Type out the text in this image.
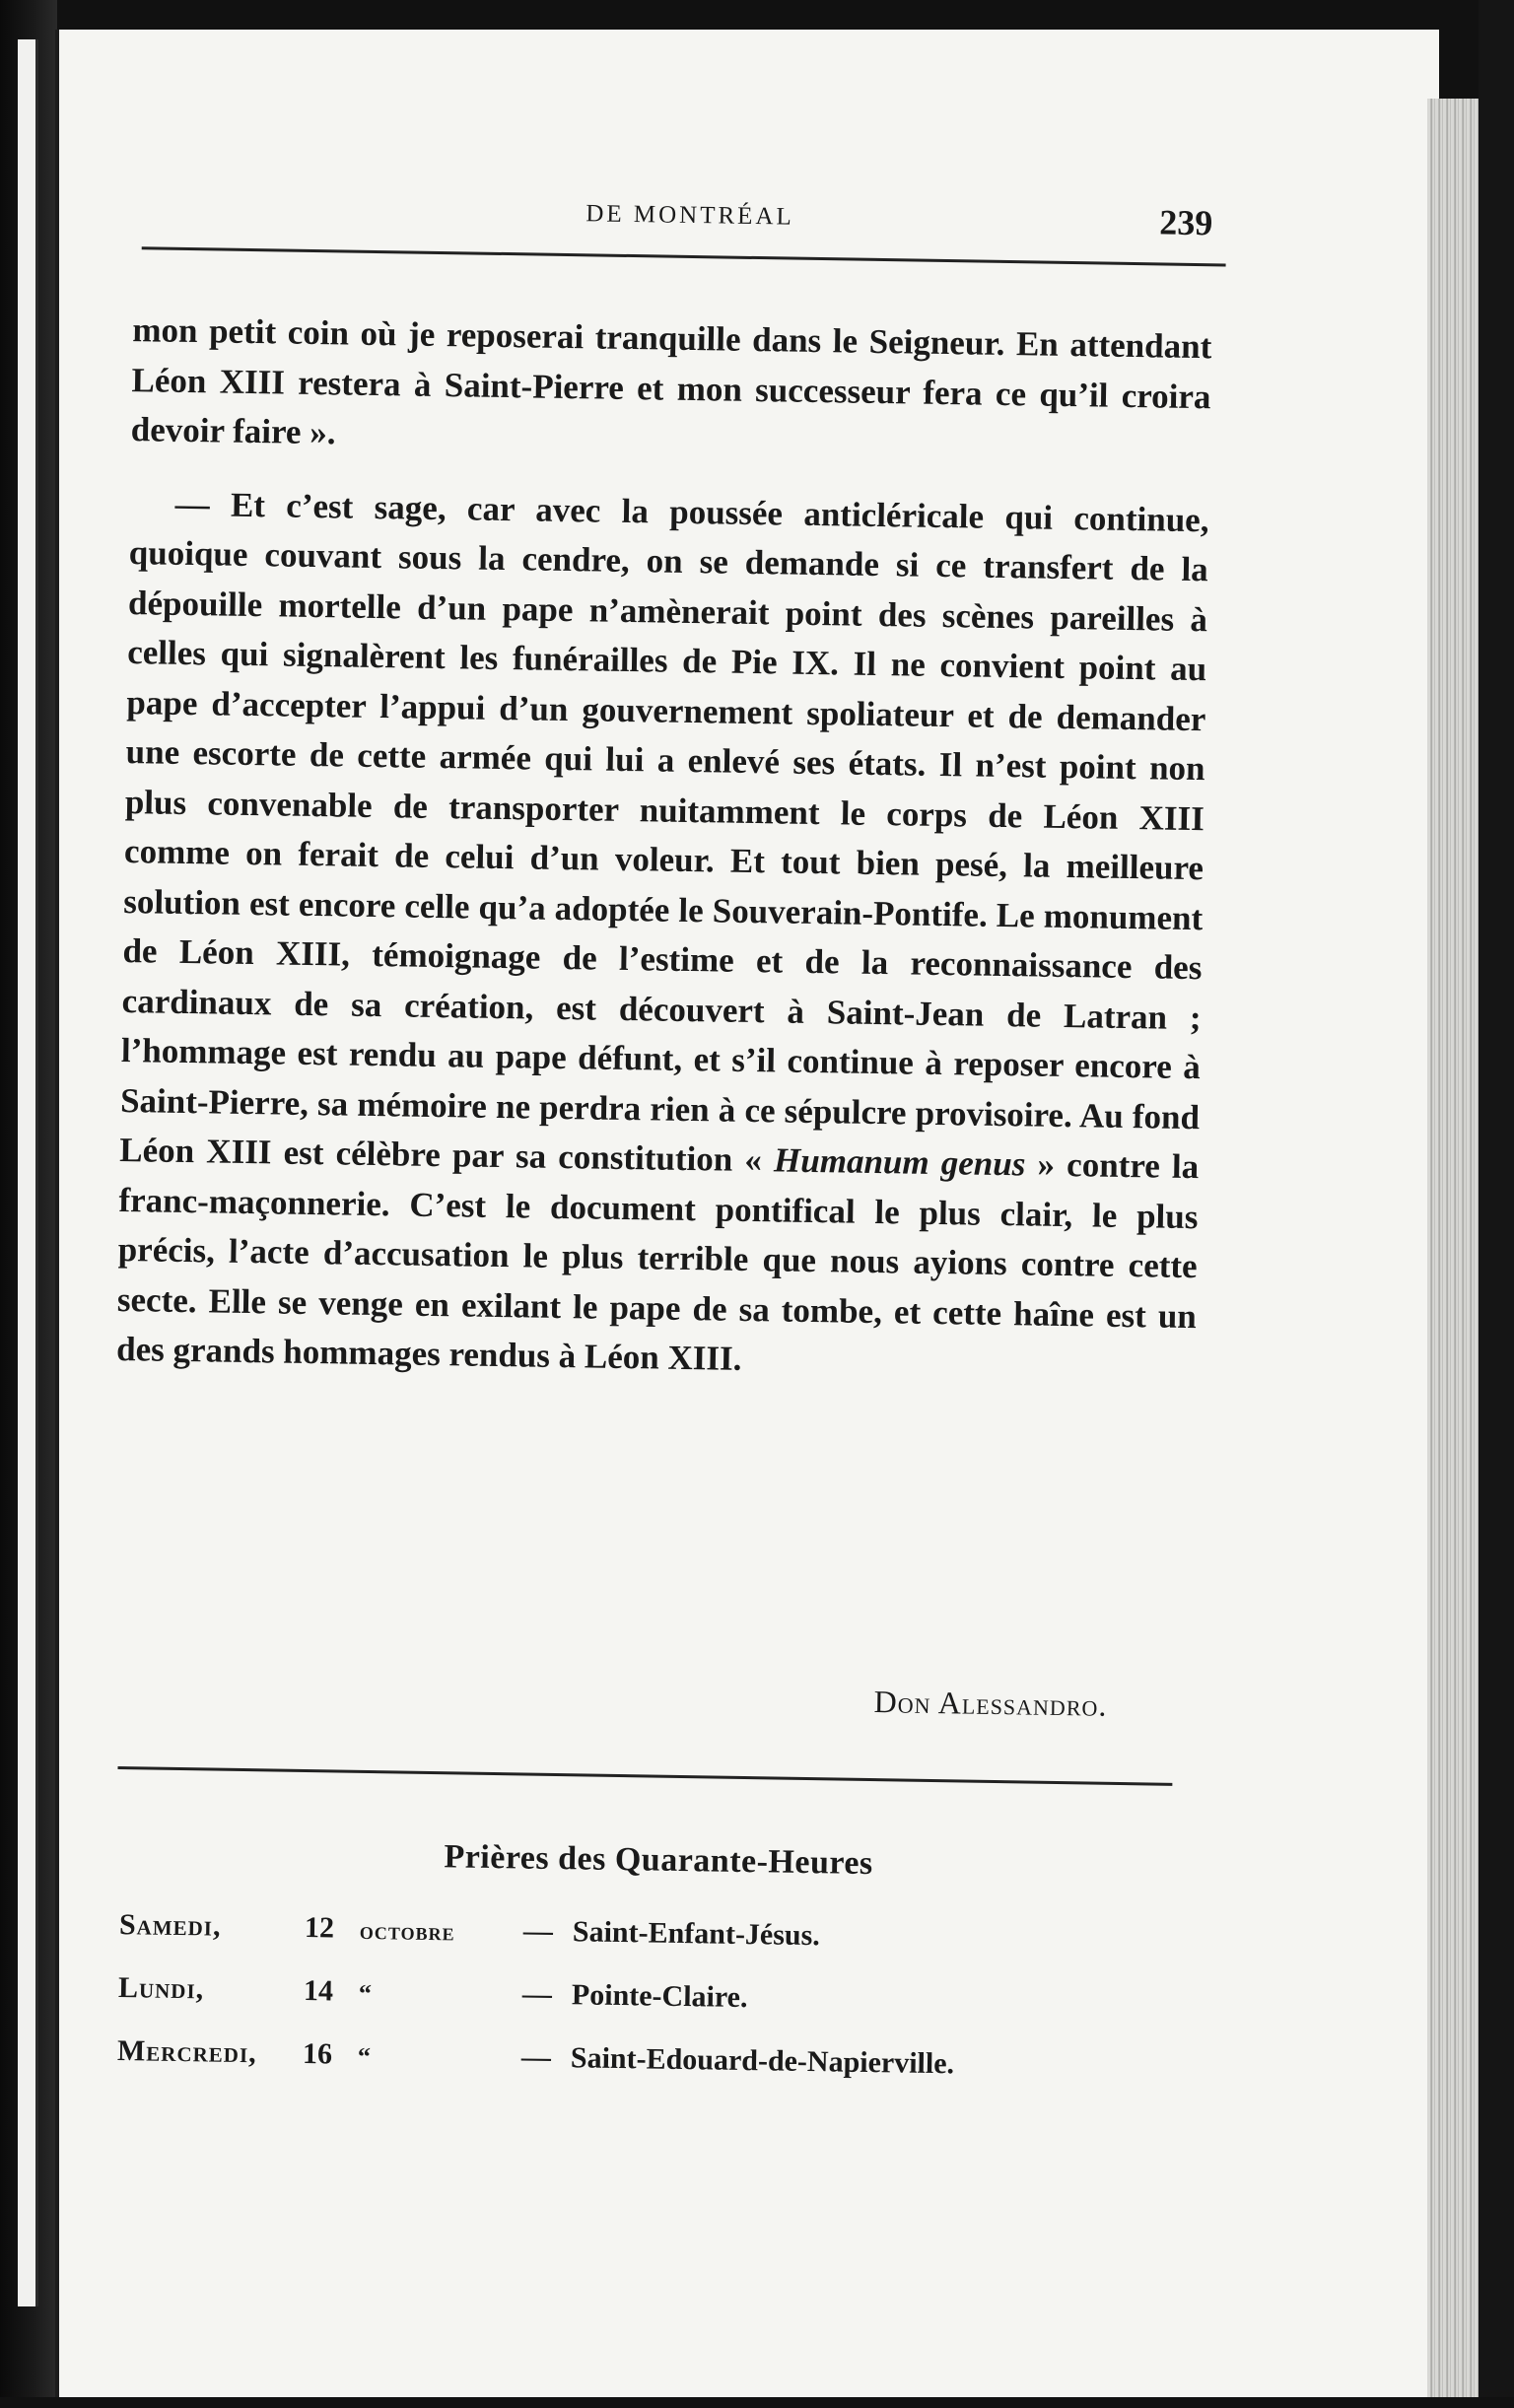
DE MONTRÉAL	239

mon petit coin où je reposerai tranquille dans le Seigneur. En attendant Léon XIII restera à Saint-Pierre et mon successeur fera ce qu’il croira devoir faire ».

— Et c’est sage, car avec la poussée anticléricale qui continue, quoique couvant sous la cendre, on se demande si ce transfert de la dépouille mortelle d’un pape n’amènerait point des scènes pareilles à celles qui signalèrent les funérailles de Pie IX. Il ne convient point au pape d’accepter l’appui d’un gouvernement spoliateur et de demander une escorte de cette armée qui lui a enlevé ses états. Il n’est point non plus convenable de transporter nuitamment le corps de Léon XIII comme on ferait de celui d’un voleur. Et tout bien pesé, la meilleure solution est encore celle qu’a adoptée le Souverain-Pontife. Le monument de Léon XIII, témoignage de l’estime et de la reconnaissance des cardinaux de sa création, est découvert à Saint-Jean de Latran ; l’hommage est rendu au pape défunt, et s’il continue à reposer encore à Saint-Pierre, sa mémoire ne perdra rien à ce sépulcre provisoire. Au fond Léon XIII est célèbre par sa constitution « Humanum genus » contre la franc-maçonnerie. C’est le document pontifical le plus clair, le plus précis, l’acte d’accusation le plus terrible que nous ayions contre cette secte. Elle se venge en exilant le pape de sa tombe, et cette haîne est un des grands hommages rendus à Léon XIII.

Don Alessandro.
Prières des Quarante-Heures
Samedi,	12 octobre — Saint-Enfant-Jésus.
Lundi,	14 “	— Pointe-Claire.
Mercredi, 16 “	— Saint-Edouard-de-Napierville.
